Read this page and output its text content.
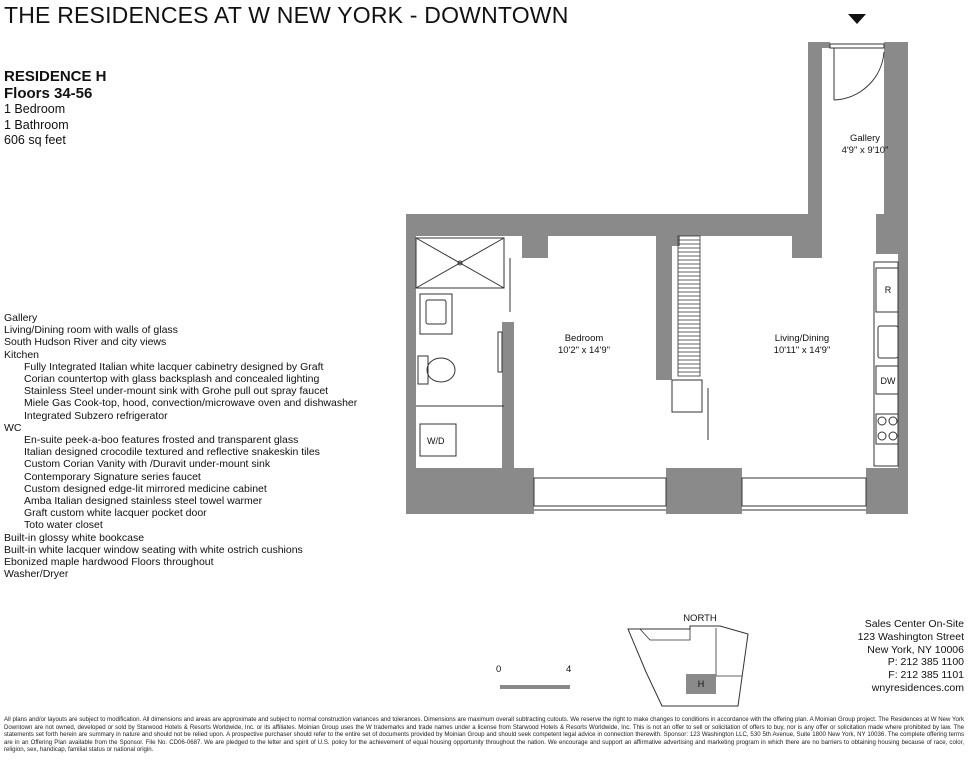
THE RESIDENCES AT W NEW YORK - DOWNTOWN
RESIDENCE H
Floors 34-56
1 Bedroom
1 Bathroom
606 sq feet
Gallery
Living/Dining room with walls of glass
South Hudson River and city views
Kitchen
Fully Integrated Italian white lacquer cabinetry designed by Graft
Corian countertop with glass backsplash and concealed lighting
Stainless Steel under-mount sink with Grohe pull out spray faucet
Miele Gas Cook-top, hood, convection/microwave oven and dishwasher
Integrated Subzero refrigerator
WC
En-suite peek-a-boo features frosted and transparent glass
Italian designed crocodile textured and reflective snakeskin tiles
Custom Corian Vanity with /Duravit under-mount sink
Contemporary Signature series faucet
Custom designed edge-lit mirrored medicine cabinet
Amba Italian designed stainless steel towel warmer
Graft custom white lacquer pocket door
Toto water closet
Built-in glossy white bookcase
Built-in white lacquer window seating with white ostrich cushions
Ebonized maple hardwood Floors throughout
Washer/Dryer
W/D
R
DW
Gallery
4'9" x 9'10"
Bedroom
10'2" x 14'9"
Living/Dining
10'11" x 14'9"
NORTH
H
0	4
Sales Center On-Site
123 Washington Street
New York, NY 10006
P: 212 385 1100
F: 212 385 1101
wnyresidences.com
All plans and/or layouts are subject to modification. All dimensions and areas are approximate and subject to normal construction variances and tolerances. Dimensions are maximum overall subtracting cutouts. We reserve the right to make changes to conditions in accordance with the offering plan. A Moinian Group project. The Residences at W New York Downtown are not owned, developed or sold by Starwood Hotels & Resorts Worldwide, Inc. or its affiliates. Moinian Group uses the W trademarks and trade names under a license from Starwood Hotels & Resorts Worldwide, Inc. This is not an offer to sell or solicitation of offers to buy, nor is any offer or solicitation made where prohibited by law. The statements set forth herein are summary in nature and should not be relied upon. A prospective purchaser should refer to the entire set of documents provided by Moinian Group and should seek competent legal advice in connection therewith. Sponsor: 123 Washington LLC, 530 5th Avenue, Suite 1800 New York, NY 10036. The complete offering terms are in an Offering Plan available from the Sponsor. File No. CD06-0687. We are pledged to the letter and spirit of U.S. policy for the achievement of equal housing opportunity throughout the nation. We encourage and support an affirmative advertising and marketing program in which there are no barriers to obtaining housing because of race, color, religion, sex, handicap, familial status or national origin.
